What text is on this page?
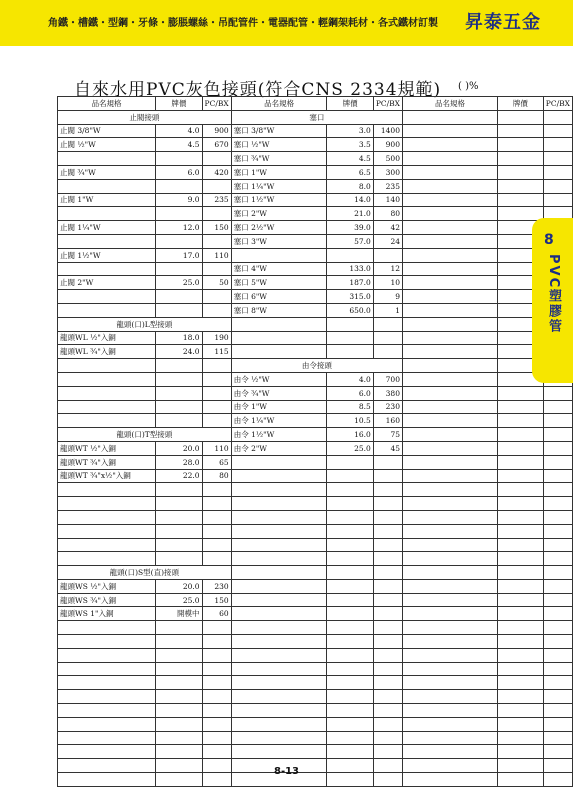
角鐵・槽鐵・型鋼・牙條・膨脹螺絲・吊配管件・電器配管・輕鋼架耗材・各式鐵材訂製 昇泰五金
自來水用PVC灰色接頭(符合CNS 2334規範) ( )%
品名規格	牌價	PC/BX	品名規格	牌價	PC/BX	品名規格	牌價	PC/BX
止閥接頭			塞口					
止閥 3/8"W	4.0	900	塞口 3/8"W	3.0	1400			
止閥 ½"W	4.5	670	塞口 ½"W	3.5	900			
			塞口 ¾"W	4.5	500			
止閥 ¾"W	6.0	420	塞口 1"W	6.5	300			
			塞口 1¼"W	8.0	235			
止閥 1"W	9.0	235	塞口 1½"W	14.0	140			
			塞口 2"W	21.0	80			
止閥 1¼"W	12.0	150	塞口 2½"W	39.0	42			
			塞口 3"W	57.0	24			
止閥 1½"W	17.0	110						
			塞口 4"W	133.0	12			
止閥 2"W	25.0	50	塞口 5"W	187.0	10			
			塞口 6"W	315.0	9			
			塞口 8"W	650.0	1			
龍頭(口)L型接頭								
龍頭WL ½"入銅	18.0	190						
龍頭WL ¾"入銅	24.0	115						
			由令接頭					
			由令 ½"W	4.0	700			
			由令 ¾"W	6.0	380			
			由令 1"W	8.5	230			
			由令 1¼"W	10.5	160			
龍頭(口)T型接頭			由令 1½"W	16.0	75			
龍頭WT ½"入銅	20.0	110	由令 2"W	25.0	45			
龍頭WT ¾"入銅	28.0	65						
龍頭WT ¾"x½"入銅	22.0	80						

龍頭(口)S型(直)接頭								
龍頭WS ½"入銅	20.0	230						
龍頭WS ¾"入銅	25.0	150						
龍頭WS 1"入銅	開模中	60						

8
PVC塑膠管
8-13
